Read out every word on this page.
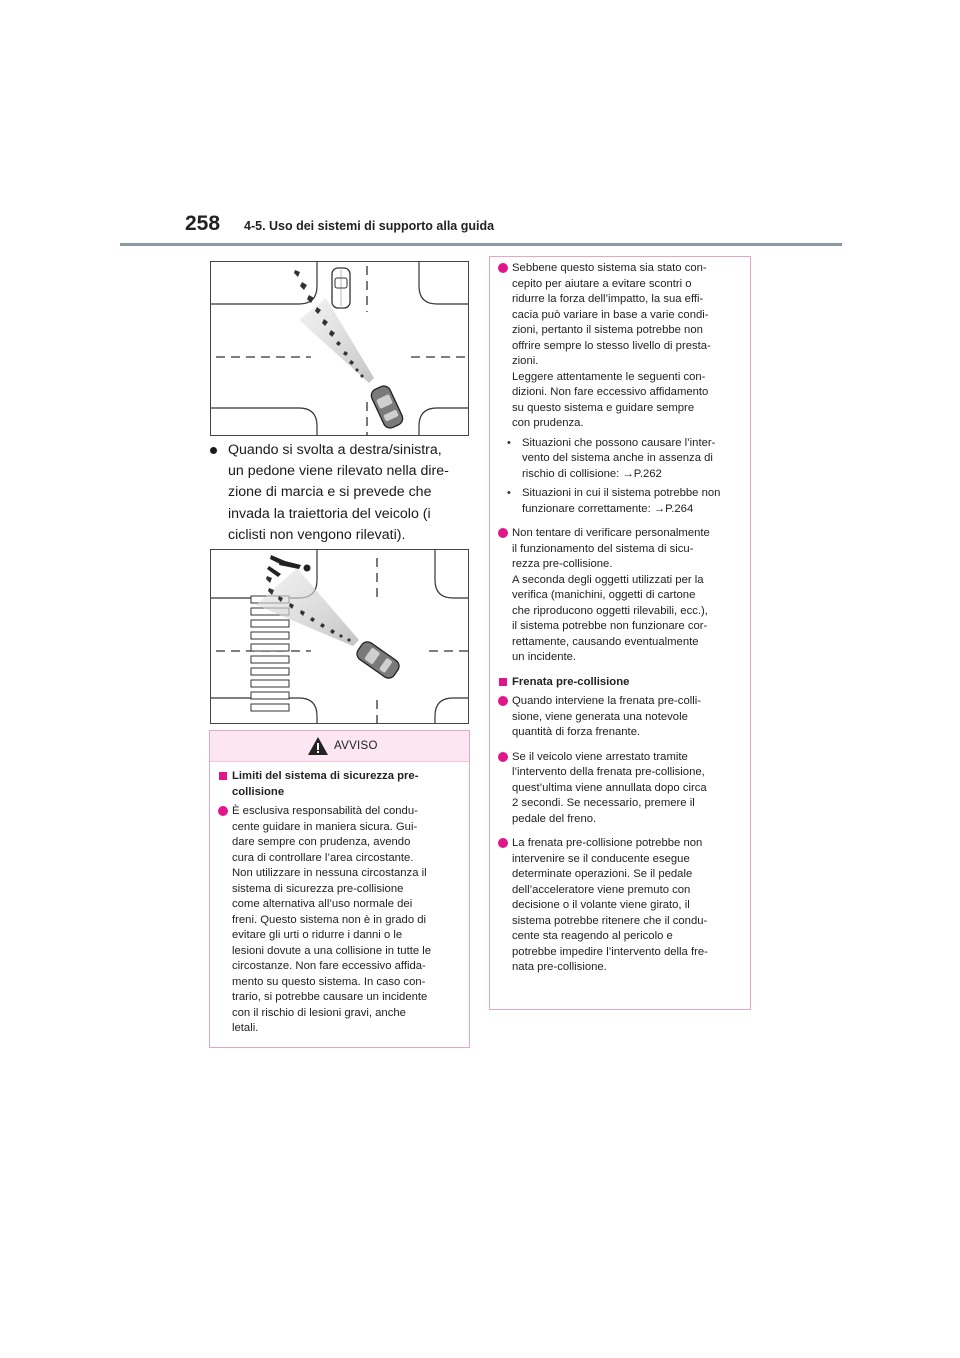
258 4-5. Uso dei sistemi di supporto alla guida
Quando si svolta a destra/sinistra,
un pedone viene rilevato nella dire-
zione di marcia e si prevede che
invada la traiettoria del veicolo (i
ciclisti non vengono rilevati).
AVVISO
Limiti del sistema di sicurezza pre-
collisione
È esclusiva responsabilità del condu-
cente guidare in maniera sicura. Gui-
dare sempre con prudenza, avendo
cura di controllare l’area circostante.
Non utilizzare in nessuna circostanza il
sistema di sicurezza pre-collisione
come alternativa all’uso normale dei
freni. Questo sistema non è in grado di
evitare gli urti o ridurre i danni o le
lesioni dovute a una collisione in tutte le
circostanze. Non fare eccessivo affida-
mento su questo sistema. In caso con-
trario, si potrebbe causare un incidente
con il rischio di lesioni gravi, anche
letali.
Sebbene questo sistema sia stato con-
cepito per aiutare a evitare scontri o
ridurre la forza dell’impatto, la sua effi-
cacia può variare in base a varie condi-
zioni, pertanto il sistema potrebbe non
offrire sempre lo stesso livello di presta-
zioni.
Leggere attentamente le seguenti con-
dizioni. Non fare eccessivo affidamento
su questo sistema e guidare sempre
con prudenza.
• Situazioni che possono causare l’inter-
vento del sistema anche in assenza di
rischio di collisione: →P.262
• Situazioni in cui il sistema potrebbe non
funzionare correttamente: →P.264
Non tentare di verificare personalmente
il funzionamento del sistema di sicu-
rezza pre-collisione.
A seconda degli oggetti utilizzati per la
verifica (manichini, oggetti di cartone
che riproducono oggetti rilevabili, ecc.),
il sistema potrebbe non funzionare cor-
rettamente, causando eventualmente
un incidente.
Frenata pre-collisione
Quando interviene la frenata pre-colli-
sione, viene generata una notevole
quantità di forza frenante.
Se il veicolo viene arrestato tramite
l’intervento della frenata pre-collisione,
quest’ultima viene annullata dopo circa
2 secondi. Se necessario, premere il
pedale del freno.
La frenata pre-collisione potrebbe non
intervenire se il conducente esegue
determinate operazioni. Se il pedale
dell’acceleratore viene premuto con
decisione o il volante viene girato, il
sistema potrebbe ritenere che il condu-
cente sta reagendo al pericolo e
potrebbe impedire l’intervento della fre-
nata pre-collisione.
